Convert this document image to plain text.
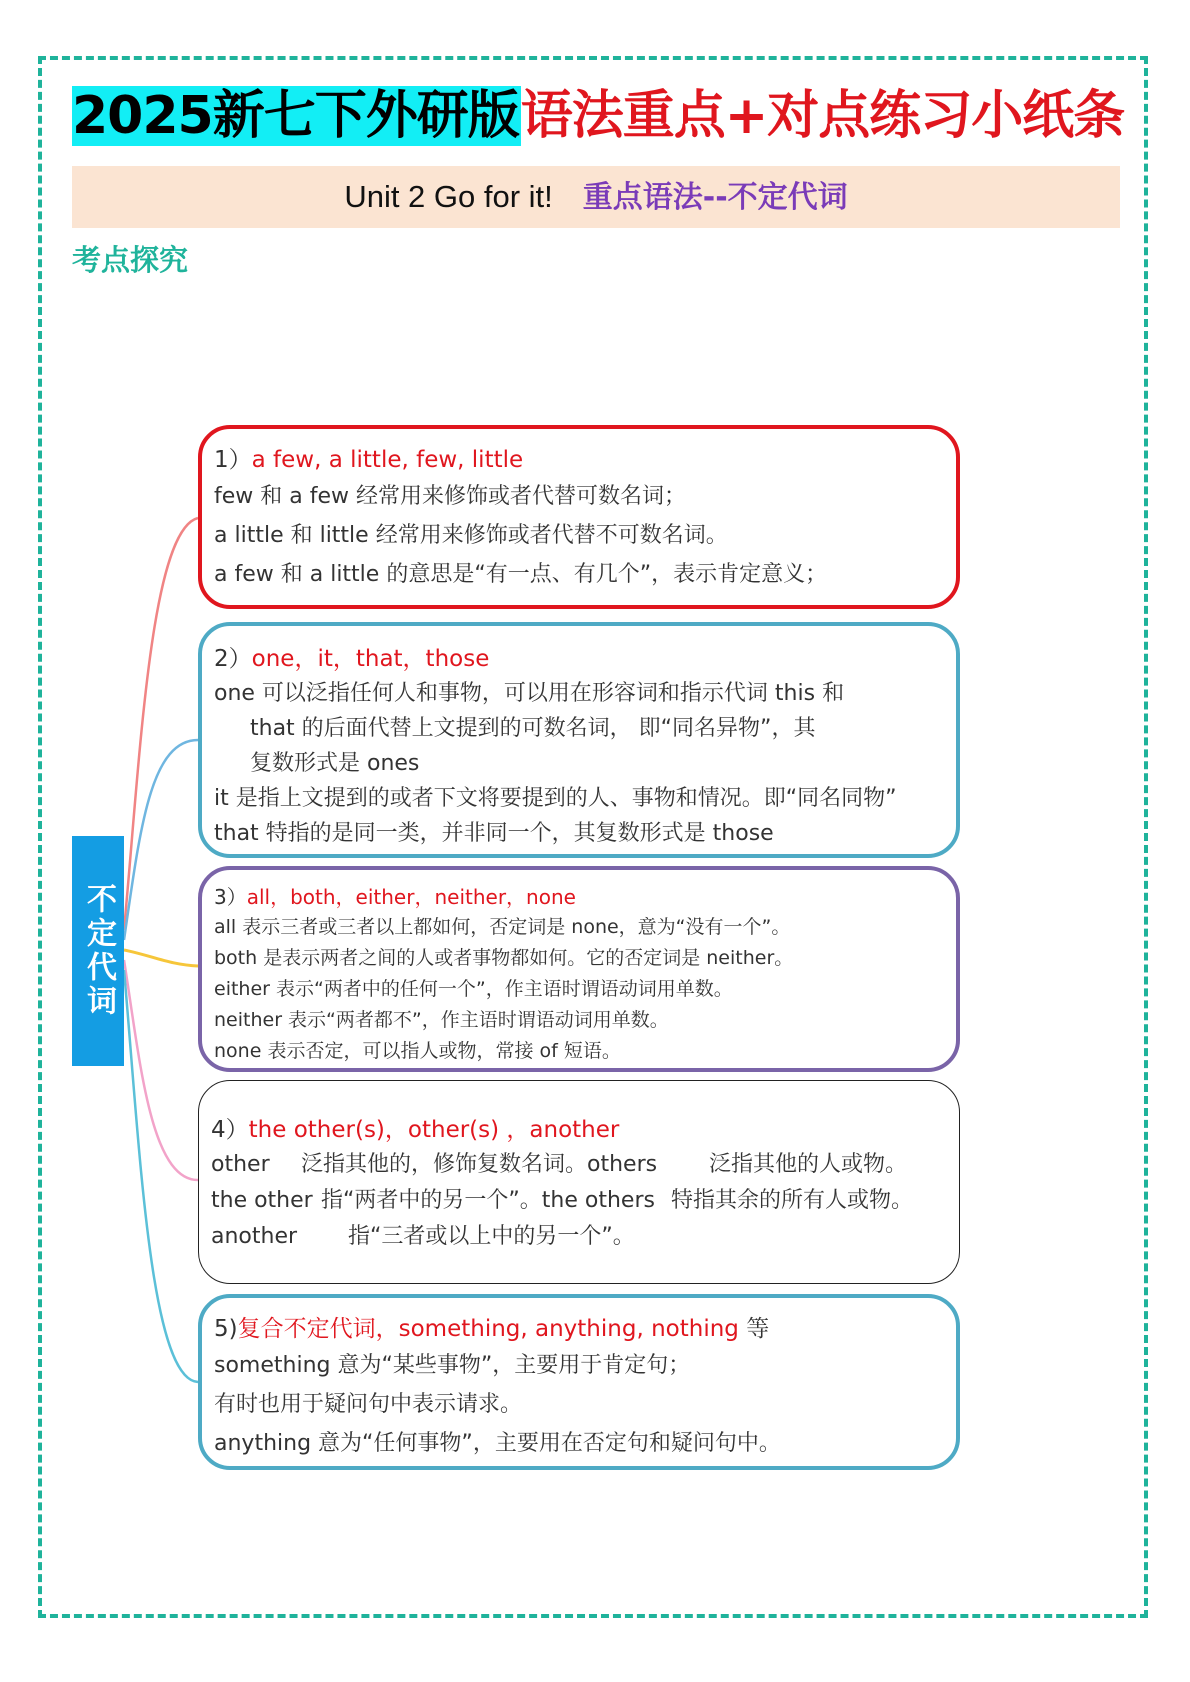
2025新七下外研版语法重点+对点练习小纸条
Unit 2 Go for it! 重点语法--不定代词
考点探究
不定代词
1）a few, a little, few, little
few 和 a few 经常用来修饰或者代替可数名词；
a little 和 little 经常用来修饰或者代替不可数名词。
a few 和 a little 的意思是“有一点、有几个”，表示肯定意义；
2）one，it，that，those
one 可以泛指任何人和事物，可以用在形容词和指示代词 this 和
that 的后面代替上文提到的可数名词， 即“同名异物”，其
复数形式是 ones
it 是指上文提到的或者下文将要提到的人、事物和情况。即“同名同物”
that 特指的是同一类，并非同一个，其复数形式是 those
3）all，both，either，neither，none
all 表示三者或三者以上都如何，否定词是 none，意为“没有一个”。
both 是表示两者之间的人或者事物都如何。它的否定词是 neither。
either 表示“两者中的任何一个”，作主语时谓语动词用单数。
neither 表示“两者都不”，作主语时谓语动词用单数。
none 表示否定，可以指人或物，常接 of 短语。
4）the other(s)，other(s) ，another
other 泛指其他的，修饰复数名词。others 泛指其他的人或物。
the other 指“两者中的另一个”。the others 特指其余的所有人或物。
another 指“三者或以上中的另一个”。
5)复合不定代词，something, anything, nothing 等
something 意为“某些事物”，主要用于肯定句；
有时也用于疑问句中表示请求。
anything 意为“任何事物”，主要用在否定句和疑问句中。
